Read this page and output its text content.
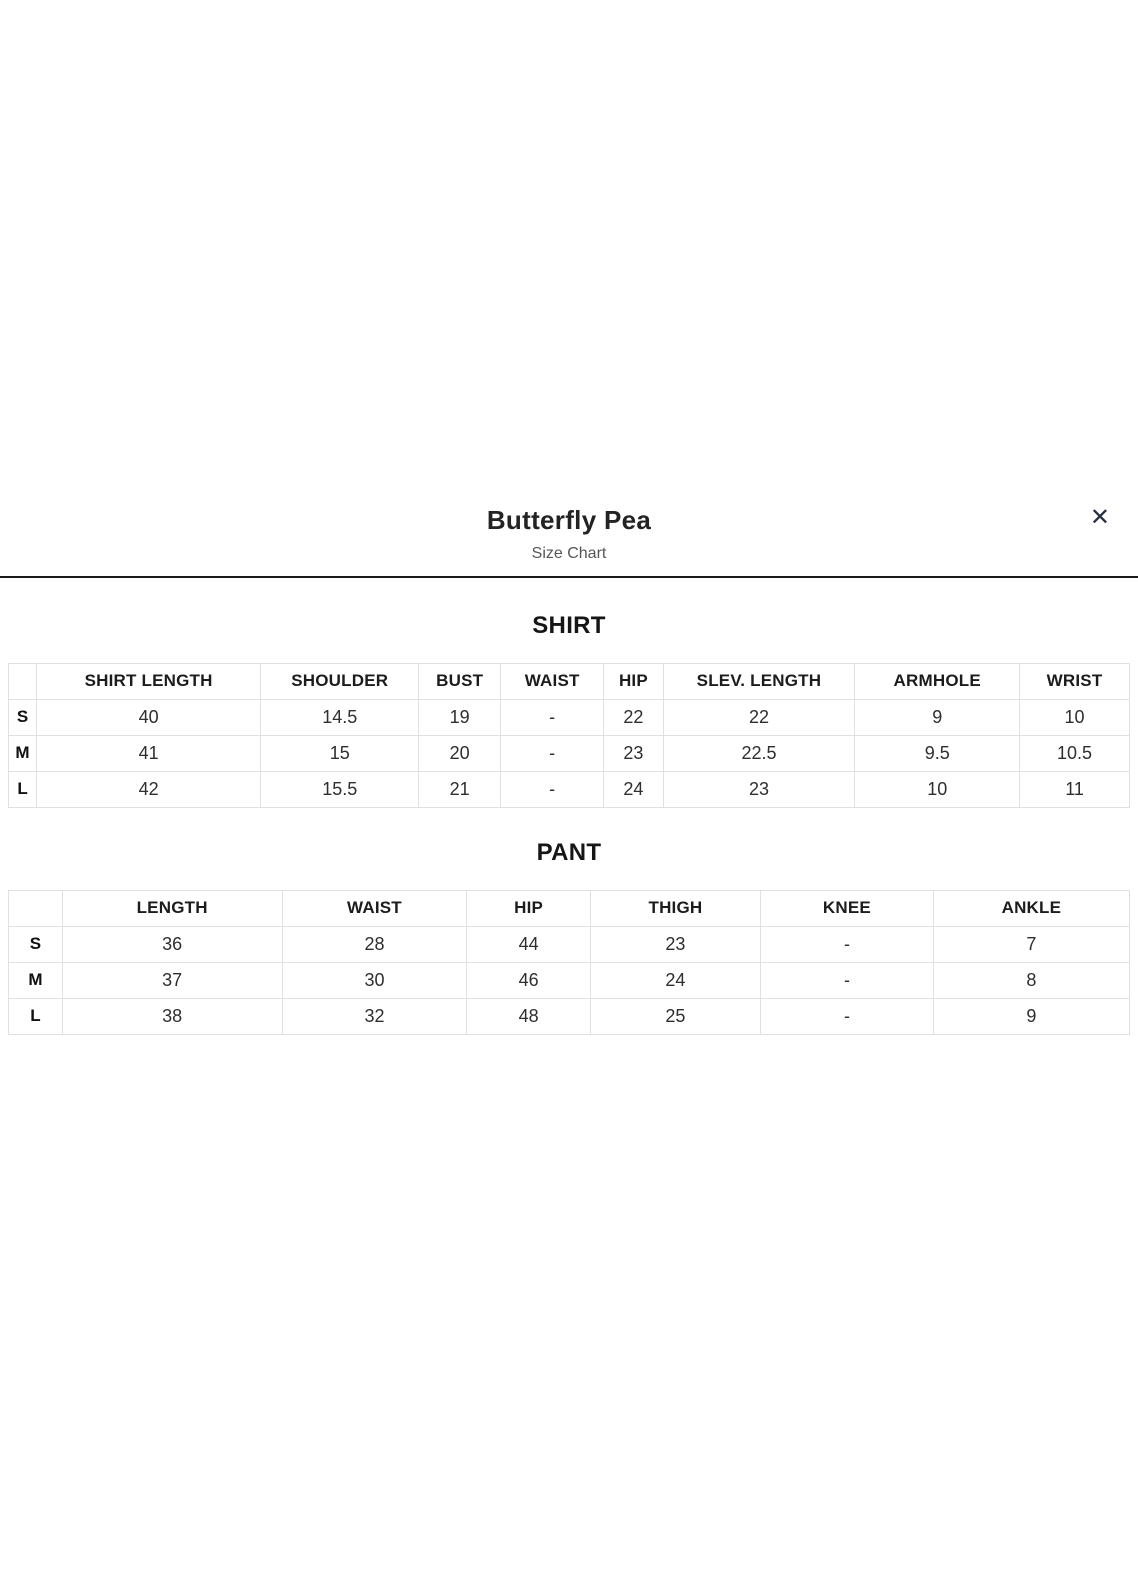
Butterfly Pea
Size Chart
✕
SHIRT
	SHIRT LENGTH	SHOULDER	BUST	WAIST	HIP	SLEV. LENGTH	ARMHOLE	WRIST
S	40	14.5	19	-	22	22	9	10
M	41	15	20	-	23	22.5	9.5	10.5
L	42	15.5	21	-	24	23	10	11
PANT
	LENGTH	WAIST	HIP	THIGH	KNEE	ANKLE
S	36	28	44	23	-	7
M	37	30	46	24	-	8
L	38	32	48	25	-	9
